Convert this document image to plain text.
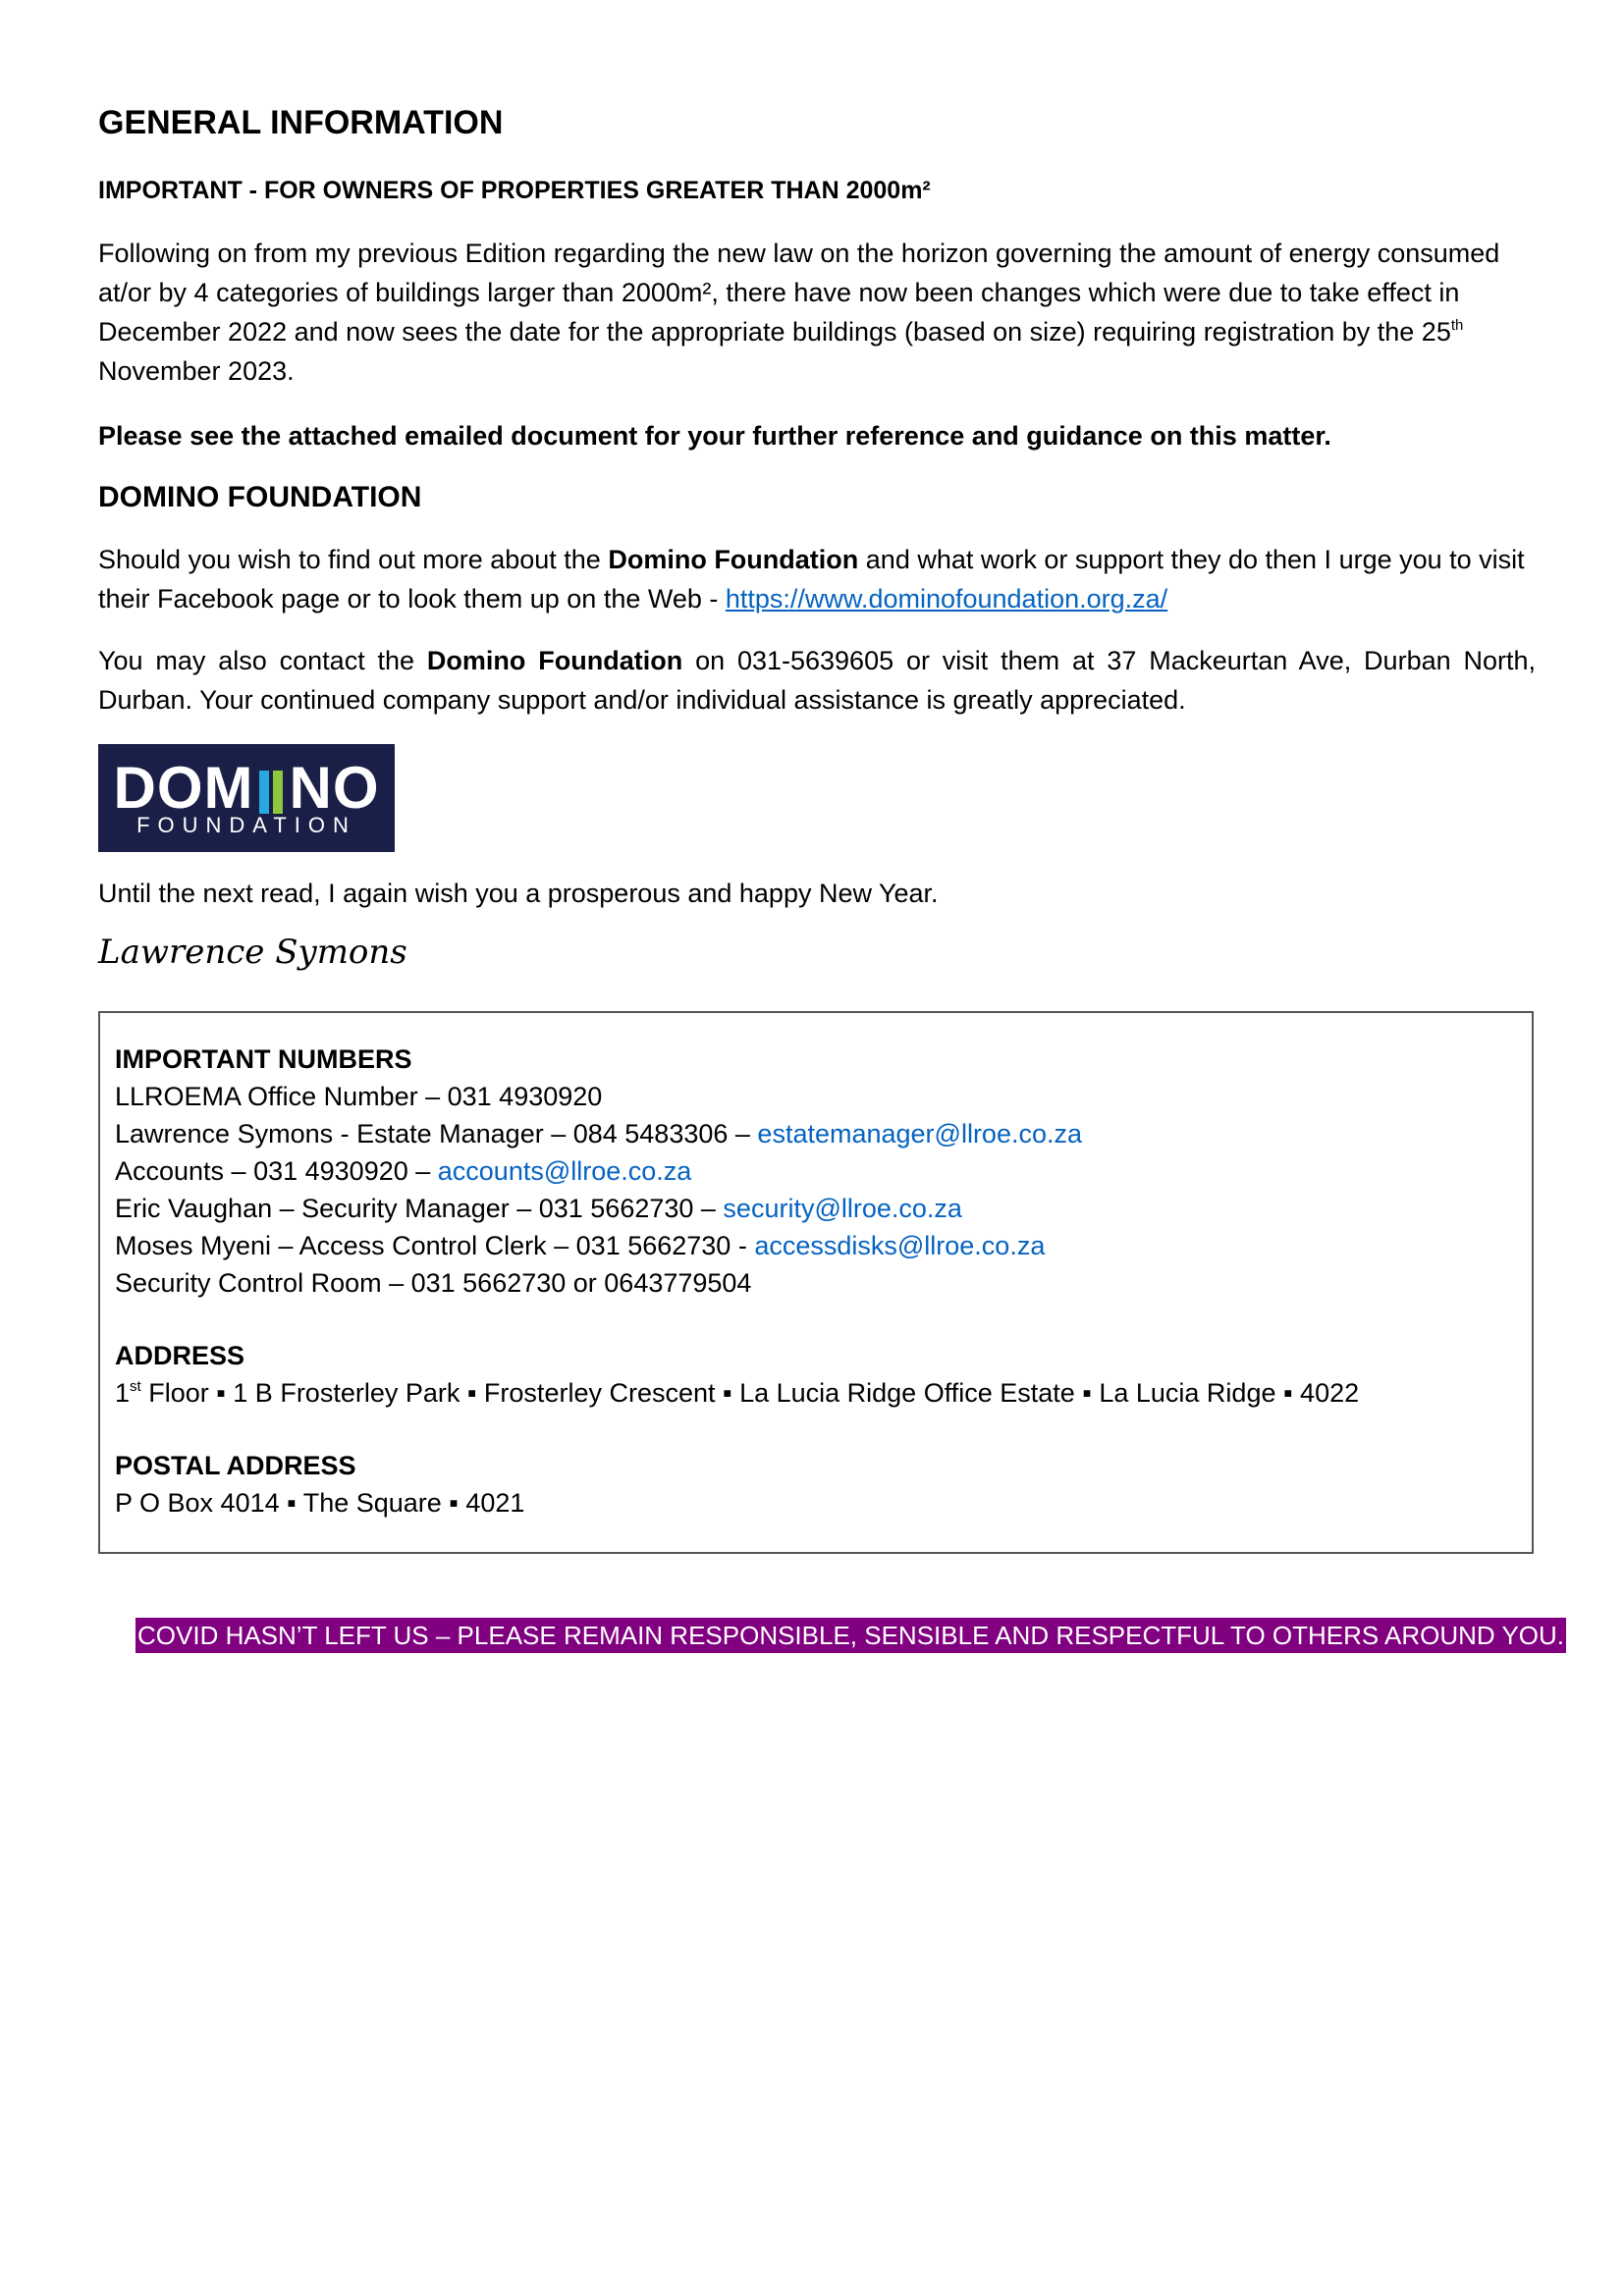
GENERAL INFORMATION
IMPORTANT - FOR OWNERS OF PROPERTIES GREATER THAN 2000m²
Following on from my previous Edition regarding the new law on the horizon governing the amount of energy consumed at/or by 4 categories of buildings larger than 2000m², there have now been changes which were due to take effect in December 2022 and now sees the date for the appropriate buildings (based on size) requiring registration by the 25th November 2023.
Please see the attached emailed document for your further reference and guidance on this matter.
DOMINO FOUNDATION
Should you wish to find out more about the Domino Foundation and what work or support they do then I urge you to visit their Facebook page or to look them up on the Web - https://www.dominofoundation.org.za/
You may also contact the Domino Foundation on 031-5639605 or visit them at 37 Mackeurtan Ave, Durban North, Durban. Your continued company support and/or individual assistance is greatly appreciated.
DOM NO
FOUNDATION
Until the next read, I again wish you a prosperous and happy New Year.
Lawrence Symons
IMPORTANT NUMBERS
LLROEMA Office Number – 031 4930920
Lawrence Symons - Estate Manager – 084 5483306 – estatemanager@llroe.co.za
Accounts – 031 4930920 – accounts@llroe.co.za
Eric Vaughan – Security Manager – 031 5662730 – security@llroe.co.za
Moses Myeni – Access Control Clerk – 031 5662730 - accessdisks@llroe.co.za
Security Control Room – 031 5662730 or 0643779504
ADDRESS
1st Floor ▪ 1 B Frosterley Park ▪ Frosterley Crescent ▪ La Lucia Ridge Office Estate ▪ La Lucia Ridge ▪ 4022
POSTAL ADDRESS
P O Box 4014 ▪ The Square ▪ 4021
COVID HASN’T LEFT US – PLEASE REMAIN RESPONSIBLE, SENSIBLE AND RESPECTFUL TO OTHERS AROUND YOU.
